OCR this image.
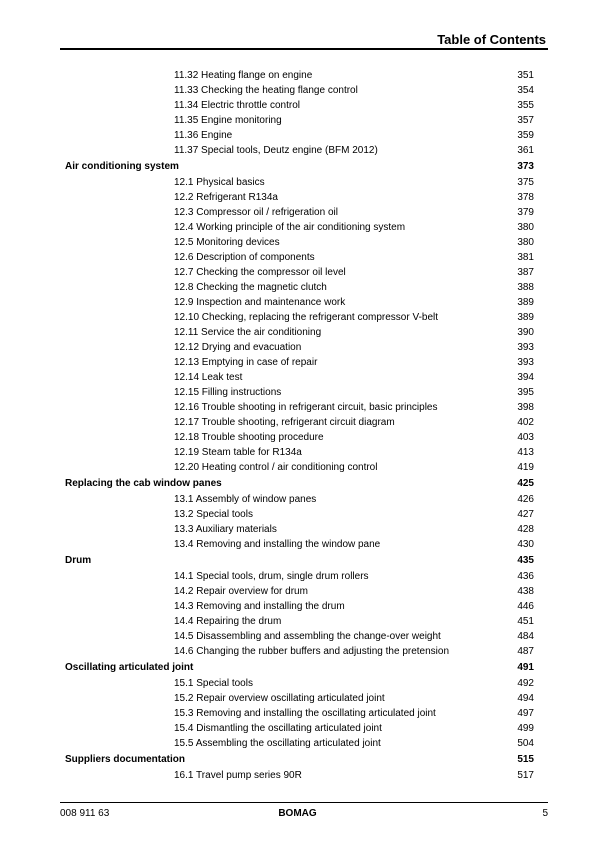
Table of Contents
11.32 Heating flange on engine	351
11.33 Checking the heating flange control	354
11.34 Electric throttle control	355
11.35 Engine monitoring	357
11.36 Engine	359
11.37 Special tools, Deutz engine (BFM 2012)	361
Air conditioning system	373
12.1 Physical basics	375
12.2 Refrigerant R134a	378
12.3 Compressor oil / refrigeration oil	379
12.4 Working principle of the air conditioning system	380
12.5 Monitoring devices	380
12.6 Description of components	381
12.7 Checking the compressor oil level	387
12.8 Checking the magnetic clutch	388
12.9 Inspection and maintenance work	389
12.10 Checking, replacing the refrigerant compressor V-belt	389
12.11 Service the air conditioning	390
12.12 Drying and evacuation	393
12.13 Emptying in case of repair	393
12.14 Leak test	394
12.15 Filling instructions	395
12.16 Trouble shooting in refrigerant circuit, basic principles	398
12.17 Trouble shooting, refrigerant circuit diagram	402
12.18 Trouble shooting procedure	403
12.19 Steam table for R134a	413
12.20 Heating control / air conditioning control	419
Replacing the cab window panes	425
13.1 Assembly of window panes	426
13.2 Special tools	427
13.3 Auxiliary materials	428
13.4 Removing and installing the window pane	430
Drum	435
14.1 Special tools, drum, single drum rollers	436
14.2 Repair overview for drum	438
14.3 Removing and installing the drum	446
14.4 Repairing the drum	451
14.5 Disassembling and assembling the change-over weight	484
14.6 Changing the rubber buffers and adjusting the pretension	487
Oscillating articulated joint	491
15.1 Special tools	492
15.2 Repair overview oscillating articulated joint	494
15.3 Removing and installing the oscillating articulated joint	497
15.4 Dismantling the oscillating articulated joint	499
15.5 Assembling the oscillating articulated joint	504
Suppliers documentation	515
16.1 Travel pump series 90R	517
008 911 63	BOMAG	5
